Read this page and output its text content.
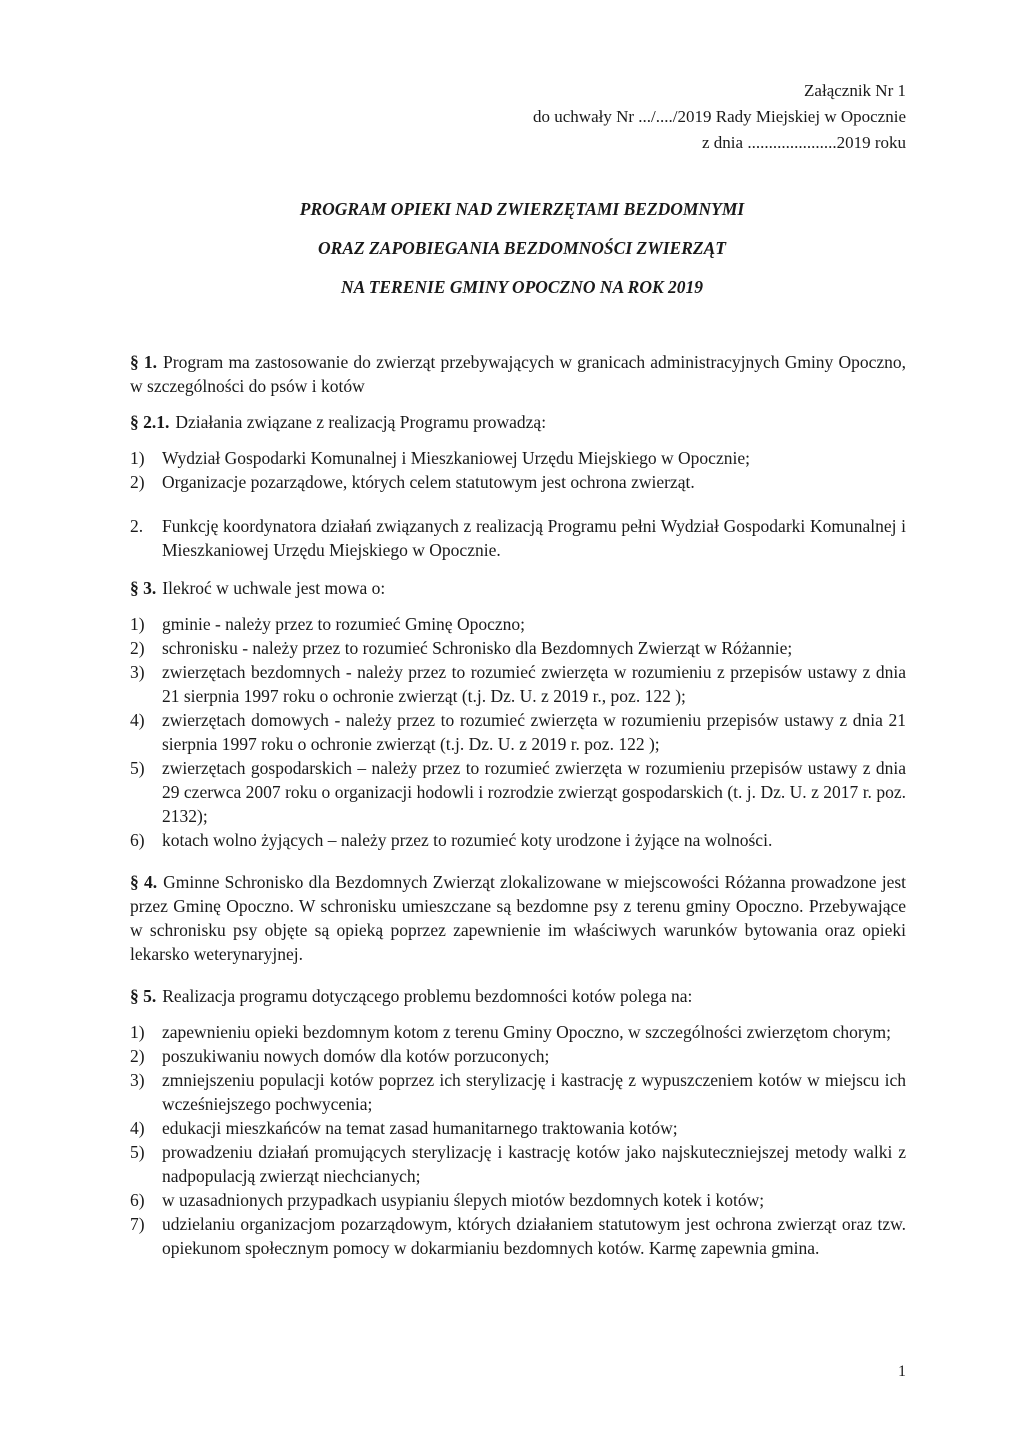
Załącznik Nr 1
do uchwały Nr .../..../2019 Rady Miejskiej w Opocznie
z dnia .....................2019 roku
PROGRAM OPIEKI NAD ZWIERZĘTAMI BEZDOMNYMI
ORAZ ZAPOBIEGANIA BEZDOMNOŚCI ZWIERZĄT
NA TERENIE GMINY OPOCZNO NA ROK 2019
§ 1. Program ma zastosowanie do zwierząt przebywających w granicach administracyjnych Gminy Opoczno, w szczególności do psów i kotów
§ 2.1. Działania związane z realizacją Programu prowadzą:
1) Wydział Gospodarki Komunalnej i Mieszkaniowej Urzędu Miejskiego w Opocznie;
2) Organizacje pozarządowe, których celem statutowym jest ochrona zwierząt.
2.	Funkcję koordynatora działań związanych z realizacją Programu pełni Wydział Gospodarki Komunalnej i Mieszkaniowej Urzędu Miejskiego w Opocznie.
§ 3. Ilekroć w uchwale jest mowa o:
1) gminie - należy przez to rozumieć Gminę Opoczno;
2) schronisku - należy przez to rozumieć Schronisko dla Bezdomnych Zwierząt w Różannie;
3) zwierzętach bezdomnych - należy przez to rozumieć zwierzęta w rozumieniu z przepisów ustawy z dnia 21 sierpnia 1997 roku o ochronie zwierząt (t.j. Dz. U. z 2019 r., poz. 122 );
4) zwierzętach domowych - należy przez to rozumieć zwierzęta w rozumieniu przepisów ustawy z dnia 21 sierpnia 1997 roku o ochronie zwierząt (t.j. Dz. U. z 2019 r. poz. 122 );
5) zwierzętach gospodarskich – należy przez to rozumieć zwierzęta w rozumieniu przepisów ustawy z dnia 29 czerwca 2007 roku o organizacji hodowli i rozrodzie zwierząt gospodarskich (t. j. Dz. U. z 2017 r. poz. 2132);
6) kotach wolno żyjących – należy przez to rozumieć koty urodzone i żyjące na wolności.
§ 4. Gminne Schronisko dla Bezdomnych Zwierząt zlokalizowane w miejscowości Różanna prowadzone jest przez Gminę Opoczno. W schronisku umieszczane są bezdomne psy z terenu gminy Opoczno. Przebywające w schronisku psy objęte są opieką poprzez zapewnienie im właściwych warunków bytowania oraz opieki lekarsko weterynaryjnej.
§ 5. Realizacja programu dotyczącego problemu bezdomności kotów polega na:
1) zapewnieniu opieki bezdomnym kotom z terenu Gminy Opoczno, w szczególności zwierzętom chorym;
2) poszukiwaniu nowych domów dla kotów porzuconych;
3) zmniejszeniu populacji kotów poprzez ich sterylizację i kastrację z wypuszczeniem kotów w miejscu ich wcześniejszego pochwycenia;
4) edukacji mieszkańców na temat zasad humanitarnego traktowania kotów;
5) prowadzeniu działań promujących sterylizację i kastrację kotów jako najskuteczniejszej metody walki z nadpopulacją zwierząt niechcianych;
6) w uzasadnionych przypadkach usypianiu ślepych miotów bezdomnych kotek i kotów;
7) udzielaniu organizacjom pozarządowym, których działaniem statutowym jest ochrona zwierząt oraz tzw. opiekunom społecznym pomocy w dokarmianiu bezdomnych kotów. Karmę zapewnia gmina.
1
